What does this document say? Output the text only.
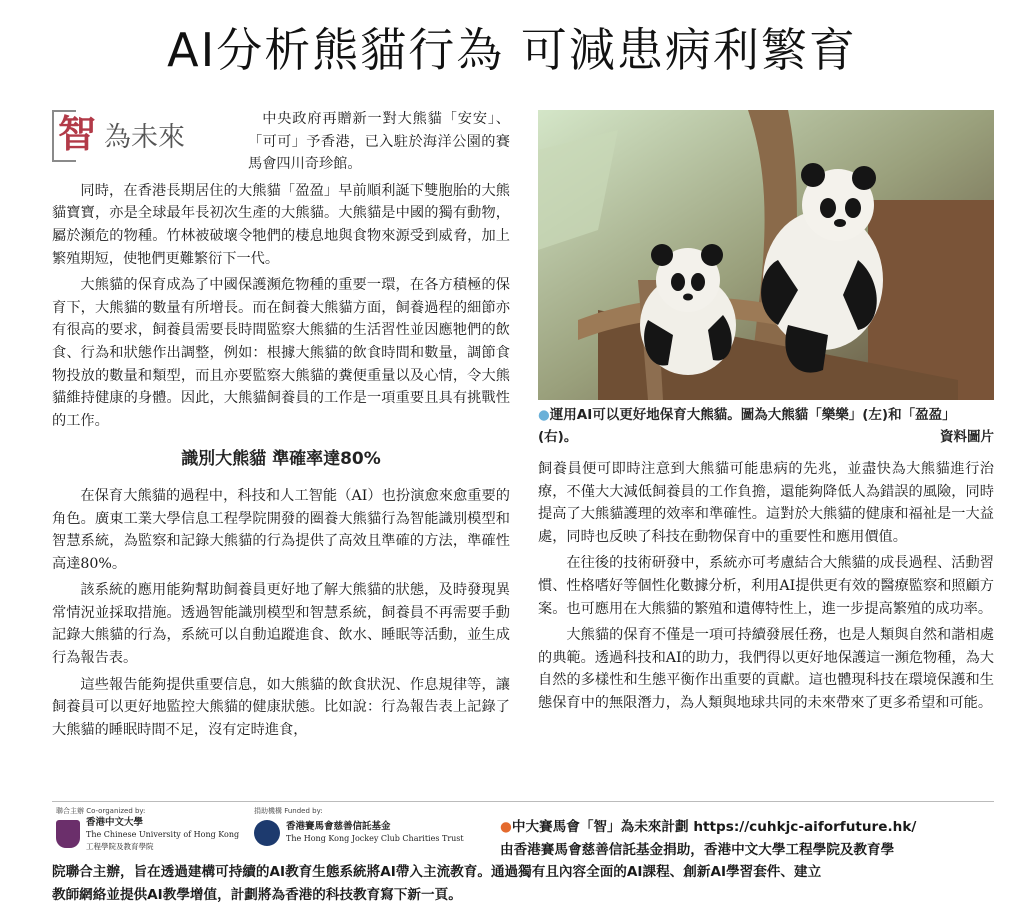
AI分析熊貓行為 可減患病利繁育
智 為未來

中央政府再贈新一對大熊貓「安安」、「可可」予香港，已入駐於海洋公園的賽馬會四川奇珍館。

同時，在香港長期居住的大熊貓「盈盈」早前順利誕下雙胞胎的大熊貓寶寶，亦是全球最年長初次生產的大熊貓。大熊貓是中國的獨有動物，屬於瀕危的物種。竹林被破壞令牠們的棲息地與食物來源受到威脅，加上繁殖期短，使牠們更難繁衍下一代。

大熊貓的保育成為了中國保護瀕危物種的重要一環，在各方積極的保育下，大熊貓的數量有所增長。而在飼養大熊貓方面，飼養過程的細節亦有很高的要求，飼養員需要長時間監察大熊貓的生活習性並因應牠們的飲食、行為和狀態作出調整，例如：根據大熊貓的飲食時間和數量，調節食物投放的數量和類型，而且亦要監察大熊貓的糞便重量以及心情，令大熊貓維持健康的身體。因此，大熊貓飼養員的工作是一項重要且具有挑戰性的工作。

識別大熊貓 準確率達80%

在保育大熊貓的過程中，科技和人工智能（AI）也扮演愈來愈重要的角色。廣東工業大學信息工程學院開發的圈養大熊貓行為智能識別模型和智慧系統，為監察和記錄大熊貓的行為提供了高效且準確的方法，準確性高達80%。

該系統的應用能夠幫助飼養員更好地了解大熊貓的狀態，及時發現異常情況並採取措施。透過智能識別模型和智慧系統，飼養員不再需要手動記錄大熊貓的行為，系統可以自動追蹤進食、飲水、睡眠等活動，並生成行為報告表。

這些報告能夠提供重要信息，如大熊貓的飲食狀況、作息規律等，讓飼養員可以更好地監控大熊貓的健康狀態。比如說：行為報告表上記錄了大熊貓的睡眠時間不足，沒有定時進食，

●運用AI可以更好地保育大熊貓。圖為大熊貓「樂樂」(左)和「盈盈」(右)。	資料圖片

飼養員便可即時注意到大熊貓可能患病的先兆，並盡快為大熊貓進行治療，不僅大大減低飼養員的工作負擔，還能夠降低人為錯誤的風險，同時提高了大熊貓護理的效率和準確性。這對於大熊貓的健康和福祉是一大益處，同時也反映了科技在動物保育中的重要性和應用價值。

在往後的技術研發中，系統亦可考慮結合大熊貓的成長過程、活動習慣、性格嗜好等個性化數據分析，利用AI提供更有效的醫療監察和照顧方案。也可應用在大熊貓的繁殖和遺傳特性上，進一步提高繁殖的成功率。

大熊貓的保育不僅是一項可持續發展任務，也是人類與自然和諧相處的典範。透過科技和AI的助力，我們得以更好地保護這一瀕危物種，為大自然的多樣性和生態平衡作出重要的貢獻。這也體現科技在環境保護和生態保育中的無限潛力，為人類與地球共同的未來帶來了更多希望和可能。

聯合主辦 Co-organized by:
香港中文大學
The Chinese University of Hong Kong
工程學院及教育學院
捐助機構 Funded by:
香港賽馬會慈善信託基金
The Hong Kong Jockey Club Charities Trust
●中大賽馬會「智」為未來計劃 https://cuhkjc-aiforfuture.hk/
由香港賽馬會慈善信託基金捐助，香港中文大學工程學院及教育學
院聯合主辦，旨在透過建構可持續的AI教育生態系統將AI帶入主流教育。通過獨有且內容全面的AI課程、創新AI學習套件、建立
教師網絡並提供AI教學增值，計劃將為香港的科技教育寫下新一頁。
